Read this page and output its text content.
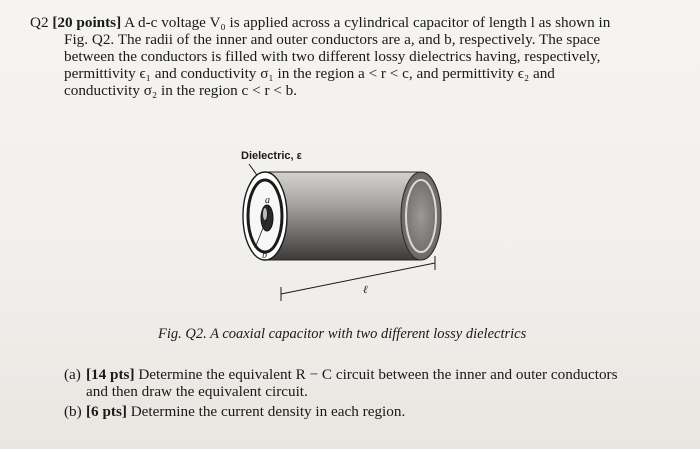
Q2 [20 points] A d-c voltage V₀ is applied across a cylindrical capacitor of length l as shown in
Fig. Q2. The radii of the inner and outer conductors are a, and b, respectively. The space
between the conductors is filled with two different lossy dielectrics having, respectively,
permittivity ϵ₁ and conductivity σ₁ in the region a < r < c, and permittivity ϵ₂ and
conductivity σ₂ in the region c < r < b.
Dielectric, ε
a
b
ℓ
Fig. Q2. A coaxial capacitor with two different lossy dielectrics
(a) [14 pts] Determine the equivalent R − C circuit between the inner and outer conductors
and then draw the equivalent circuit.
(b) [6 pts] Determine the current density in each region.
